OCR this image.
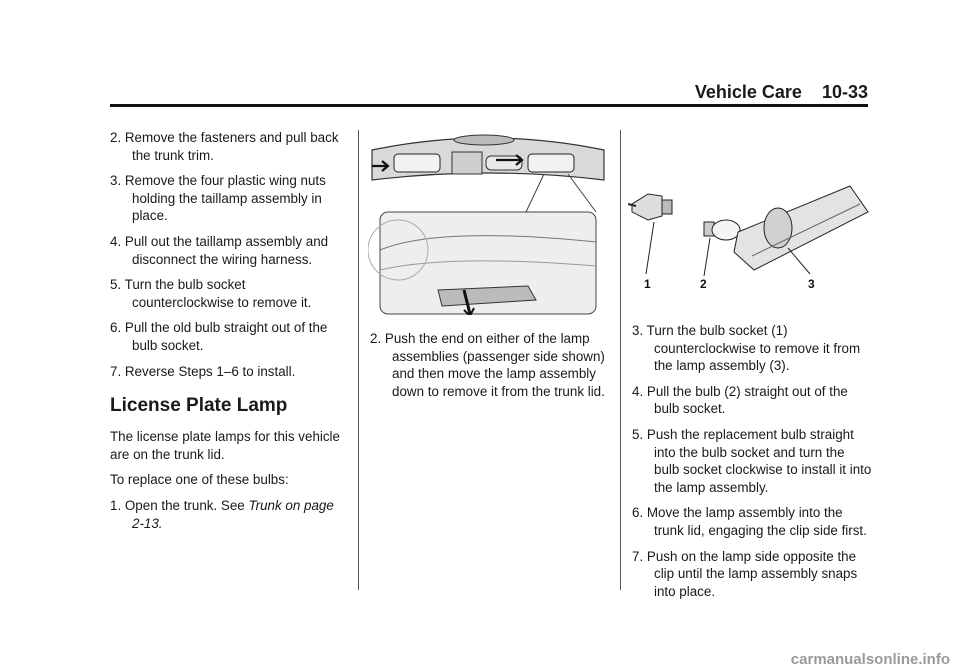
Vehicle Care 10-33
2. Remove the fasteners and pull back the trunk trim.
3. Remove the four plastic wing nuts holding the taillamp assembly in place.
4. Pull out the taillamp assembly and disconnect the wiring harness.
5. Turn the bulb socket counterclockwise to remove it.
6. Pull the old bulb straight out of the bulb socket.
7. Reverse Steps 1–6 to install.
License Plate Lamp
The license plate lamps for this vehicle are on the trunk lid.
To replace one of these bulbs:
1. Open the trunk. See Trunk on page 2-13.
2. Push the end on either of the lamp assemblies (passenger side shown) and then move the lamp assembly down to remove it from the trunk lid.
1	2	3
3. Turn the bulb socket (1) counterclockwise to remove it from the lamp assembly (3).
4. Pull the bulb (2) straight out of the bulb socket.
5. Push the replacement bulb straight into the bulb socket and turn the bulb socket clockwise to install it into the lamp assembly.
6. Move the lamp assembly into the trunk lid, engaging the clip side first.
7. Push on the lamp side opposite the clip until the lamp assembly snaps into place.
carmanualsonline.info
